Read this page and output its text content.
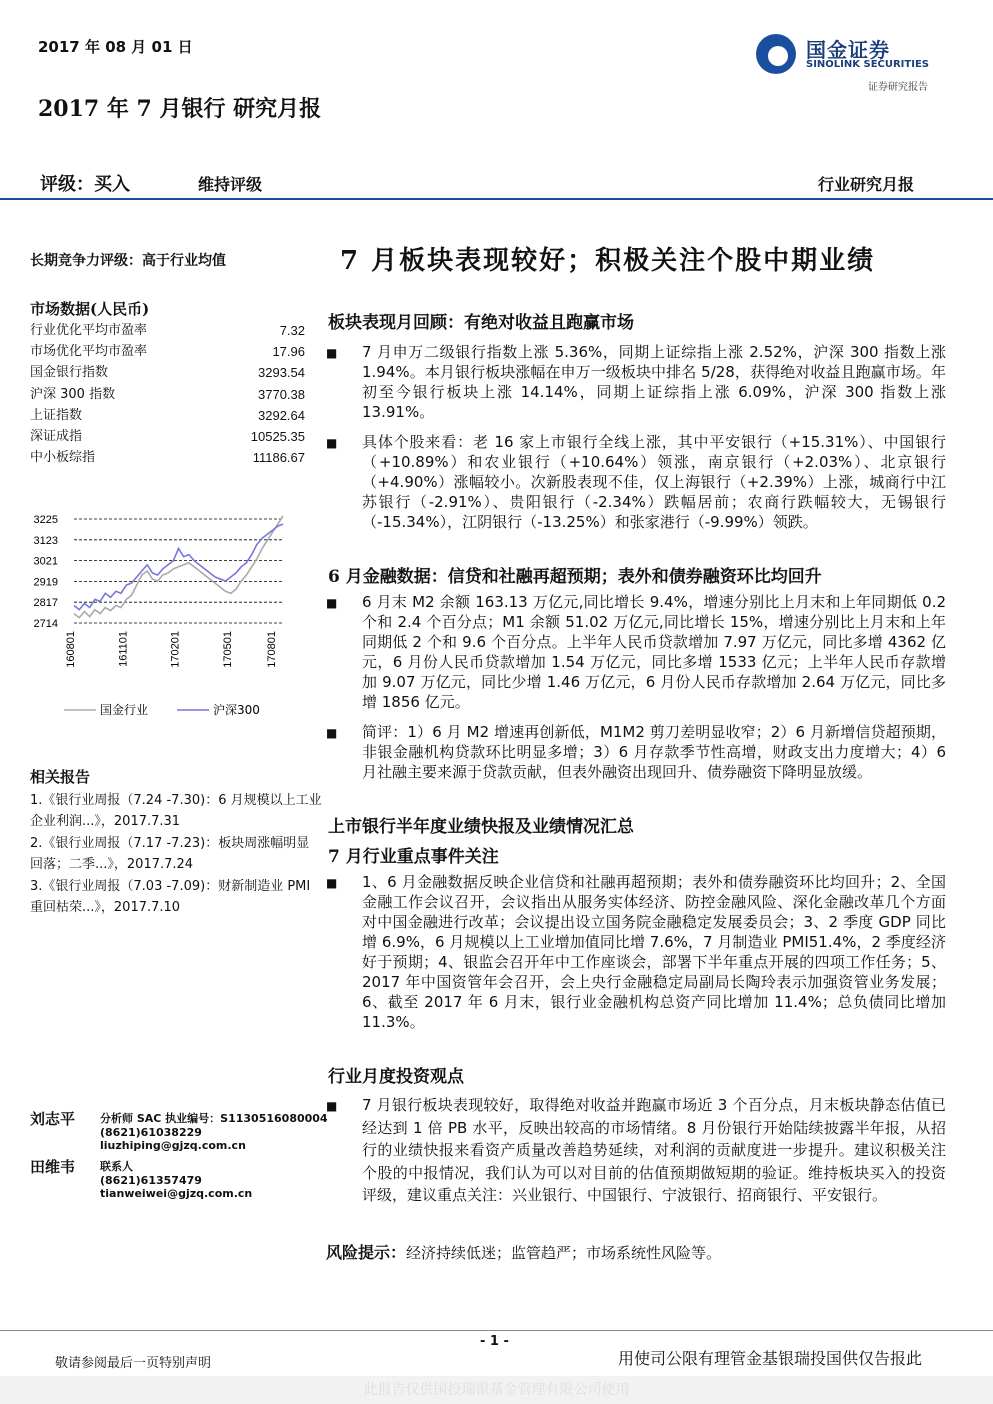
2017 年 08 月 01 日	国金证券
SINOLINK SECURITIES
证券研究报告
2017 年 7 月银行 研究月报
评级：买入	维持评级	行业研究月报
长期竞争力评级：高于行业均值	7 月板块表现较好；积极关注个股中期业绩
市场数据(人民币)
行业优化平均市盈率	7.32
市场优化平均市盈率	17.96
国金银行指数	3293.54
沪深 300 指数	3770.38
上证指数	3292.64
深证成指	10525.35
中小板综指	11186.67
3225
3123
3021
2919
2817
2714
160801	161101	170201	170501	170801
国金行业	沪深300
相关报告
1.《银行业周报（7.24 -7.30)：6 月规模以上工业企业利润...》，2017.7.31
2.《银行业周报（7.17 -7.23)：板块周涨幅明显回落；二季...》，2017.7.24
3.《银行业周报（7.03 -7.09)：财新制造业 PMI 重回枯荣...》，2017.7.10
刘志平 分析师 SAC 执业编号：S1130516080004
(8621)61038229
liuzhiping@gjzq.com.cn
田维韦 联系人
(8621)61357479
tianweiwei@gjzq.com.cn
板块表现月回顾：有绝对收益且跑赢市场
■	7 月申万二级银行指数上涨 5.36%，同期上证综指上涨 2.52%，沪深 300 指数上涨 1.94%。本月银行板块涨幅在申万一级板块中排名 5/28，获得绝对收益且跑赢市场。年初至今银行板块上涨 14.14%，同期上证综指上涨 6.09%，沪深 300 指数上涨 13.91%。
■	具体个股来看：老 16 家上市银行全线上涨，其中平安银行（+15.31%）、中国银行（+10.89%）和农业银行（+10.64%）领涨，南京银行（+2.03%）、北京银行（+4.90%）涨幅较小。次新股表现不佳，仅上海银行（+2.39%）上涨，城商行中江苏银行（-2.91%）、贵阳银行（-2.34%）跌幅居前；农商行跌幅较大，无锡银行（-15.34%），江阴银行（-13.25%）和张家港行（-9.99%）领跌。
6 月金融数据：信贷和社融再超预期；表外和债券融资环比均回升
■	6 月末 M2 余额 163.13 万亿元,同比增长 9.4%，增速分别比上月末和上年同期低 0.2 个和 2.4 个百分点；M1 余额 51.02 万亿元,同比增长 15%，增速分别比上月末和上年同期低 2 个和 9.6 个百分点。上半年人民币贷款增加 7.97 万亿元，同比多增 4362 亿元，6 月份人民币贷款增加 1.54 万亿元，同比多增 1533 亿元；上半年人民币存款增加 9.07 万亿元，同比少增 1.46 万亿元，6 月份人民币存款增加 2.64 万亿元，同比多增 1856 亿元。
■	简评：1）6 月 M2 增速再创新低，M1M2 剪刀差明显收窄；2）6 月新增信贷超预期，非银金融机构贷款环比明显多增；3）6 月存款季节性高增，财政支出力度增大；4）6 月社融主要来源于贷款贡献，但表外融资出现回升、债券融资下降明显放缓。
上市银行半年度业绩快报及业绩情况汇总
7 月行业重点事件关注
■	1、6 月金融数据反映企业信贷和社融再超预期；表外和债券融资环比均回升；2、全国金融工作会议召开，会议指出从服务实体经济、防控金融风险、深化金融改革几个方面对中国金融进行改革；会议提出设立国务院金融稳定发展委员会；3、2 季度 GDP 同比增 6.9%，6 月规模以上工业增加值同比增 7.6%，7 月制造业 PMI51.4%，2 季度经济好于预期；4、银监会召开年中工作座谈会，部署下半年重点开展的四项工作任务；5、2017 年中国资管年会召开，会上央行金融稳定局副局长陶玲表示加强资管业务发展；6、截至 2017 年 6 月末，银行业金融机构总资产同比增加 11.4%；总负债同比增加 11.3%。
行业月度投资观点
■	7 月银行板块表现较好，取得绝对收益并跑赢市场近 3 个百分点，月末板块静态估值已经达到 1 倍 PB 水平，反映出较高的市场情绪。8 月份银行开始陆续披露半年报，从招行的业绩快报来看资产质量改善趋势延续，对利润的贡献度进一步提升。建议积极关注个股的中报情况，我们认为可以对目前的估值预期做短期的验证。维持板块买入的投资评级，建议重点关注：兴业银行、中国银行、宁波银行、招商银行、平安银行。
风险提示：经济持续低迷；监管趋严；市场系统性风险等。
- 1 -
敬请参阅最后一页特别声明	用使司公限有理管金基银瑞投国供仅告报此
此报告仅供国投瑞银基金管理有限公司使用
